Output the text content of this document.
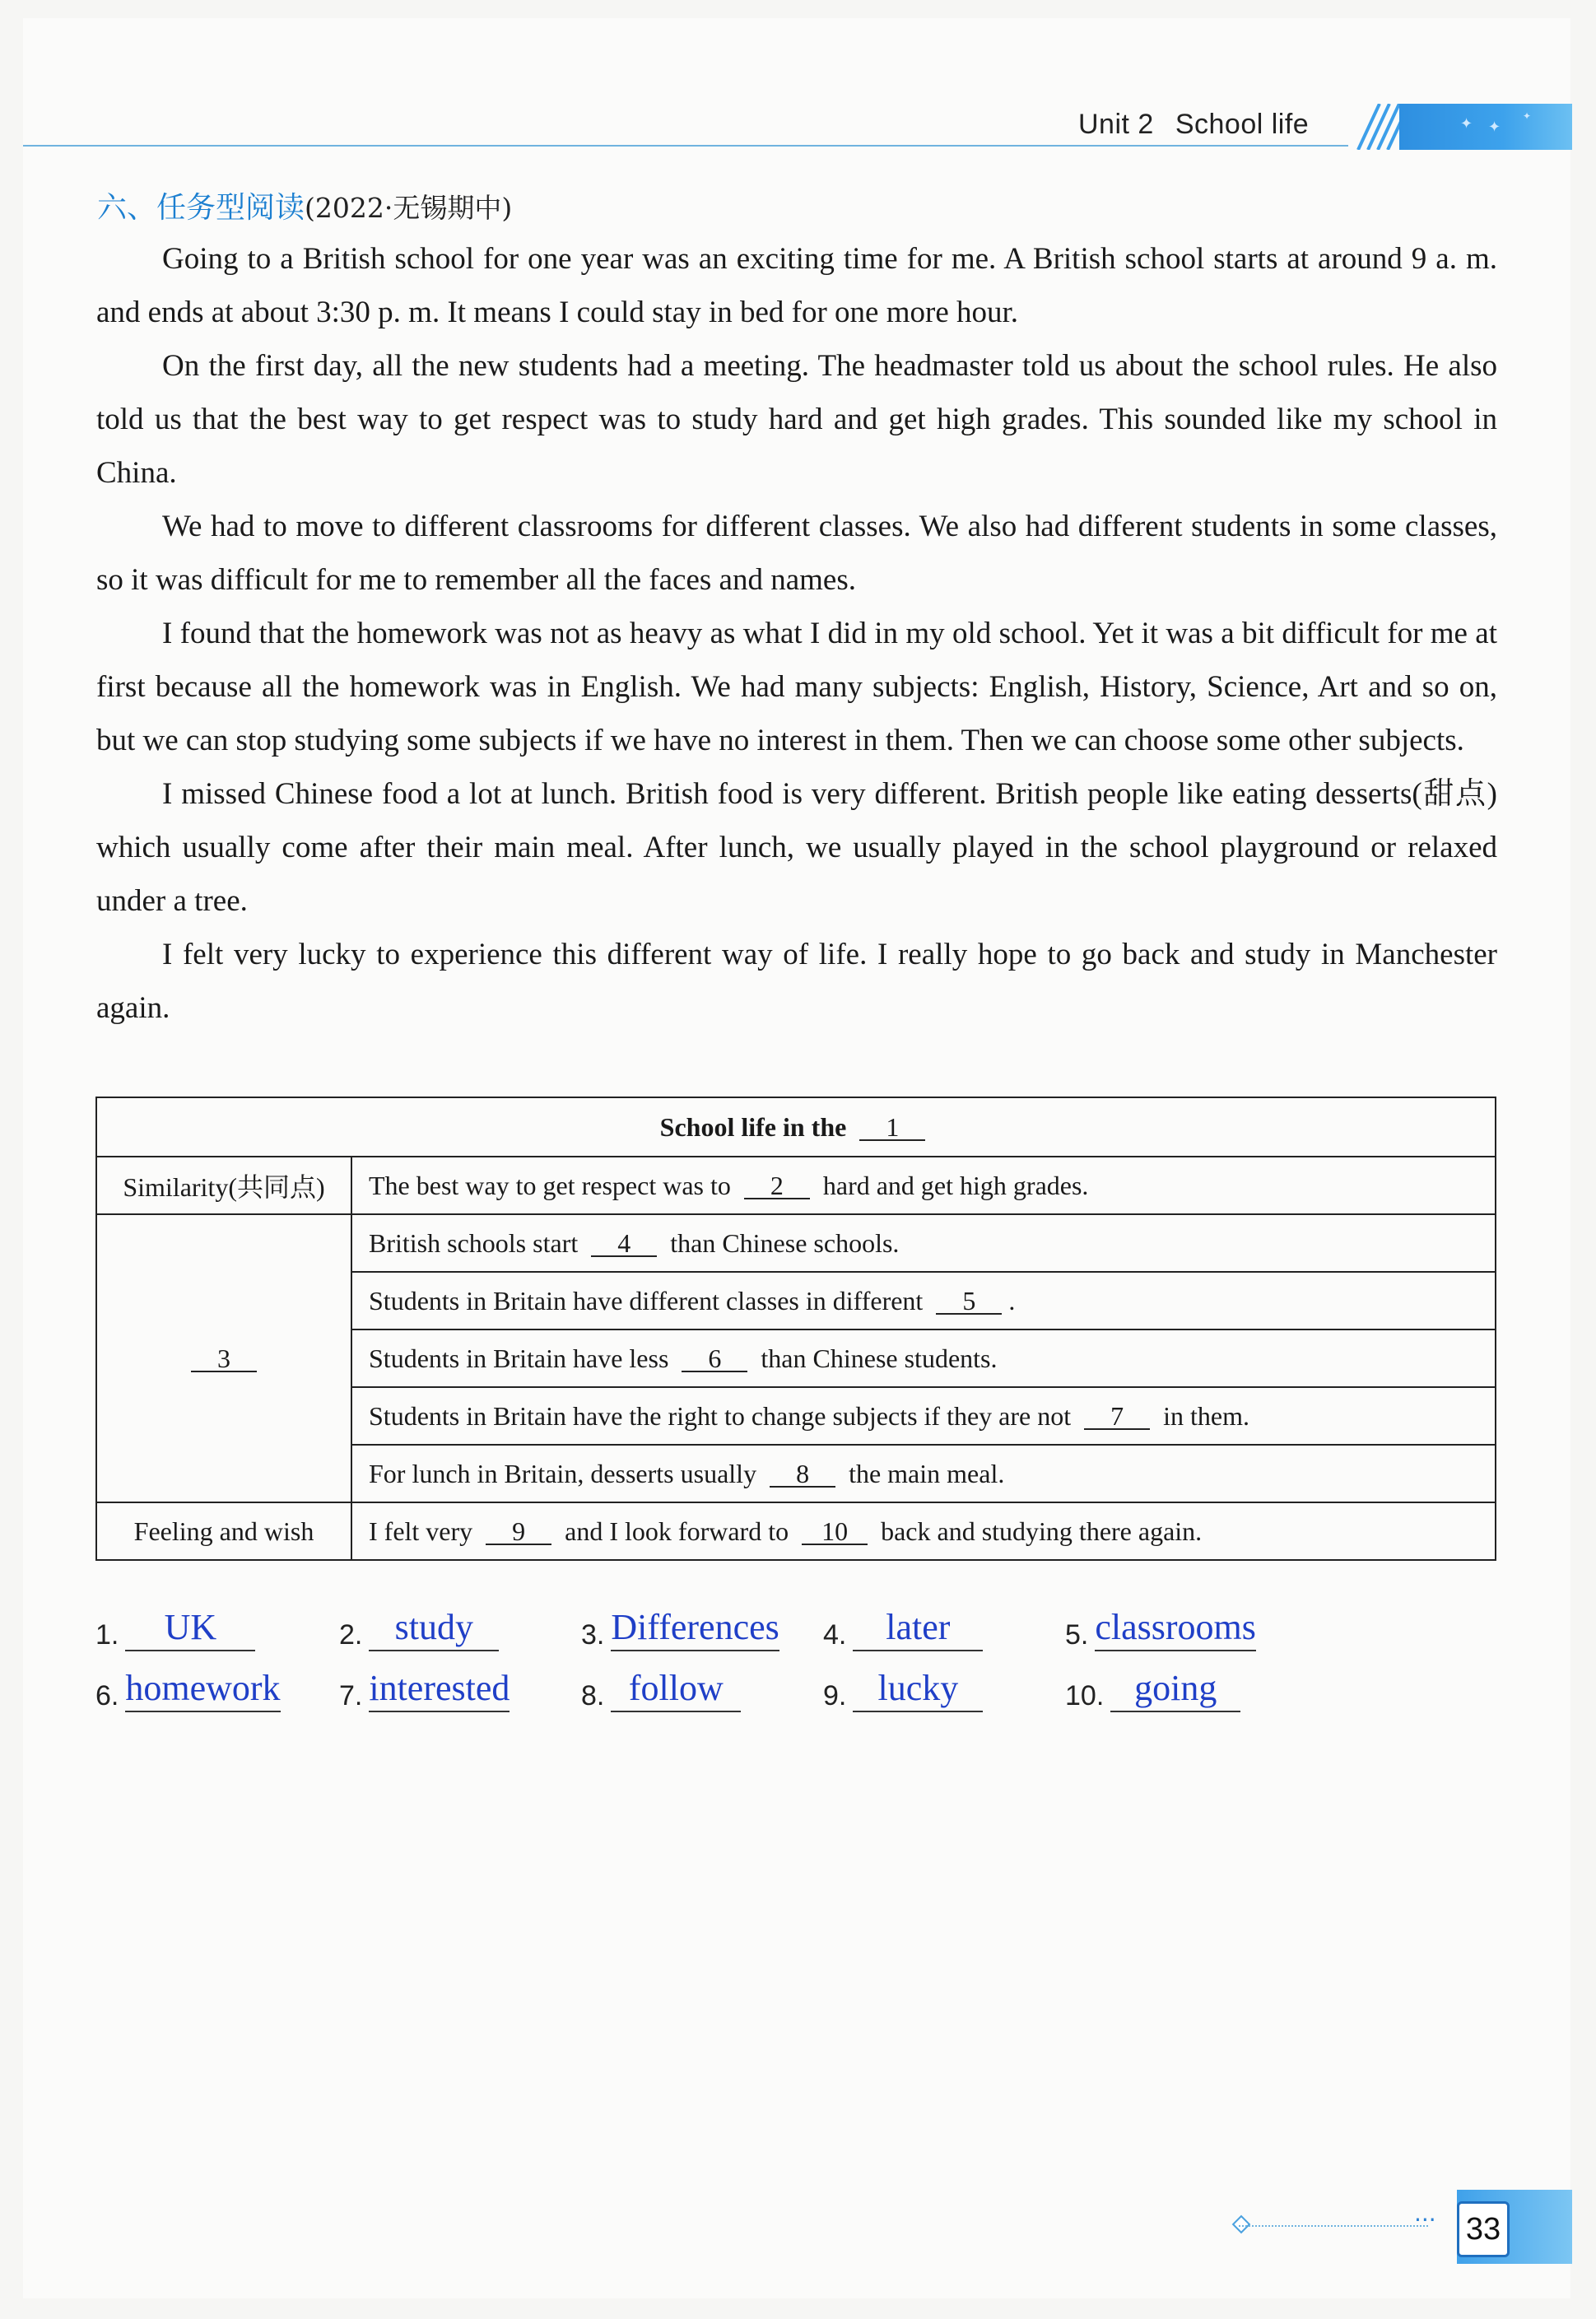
Unit 2 School life	✦ ✦
✦
六、任务型阅读(2022·无锡期中)

Going to a British school for one year was an exciting time for me. A British school starts at around 9 a. m. and ends at about 3:30 p. m. It means I could stay in bed for one more hour.

On the first day, all the new students had a meeting. The headmaster told us about the school rules. He also told us that the best way to get respect was to study hard and get high grades. This sounded like my school in China.

We had to move to different classrooms for different classes. We also had different students in some classes, so it was difficult for me to remember all the faces and names.

I found that the homework was not as heavy as what I did in my old school. Yet it was a bit difficult for me at first because all the homework was in English. We had many subjects: English, History, Science, Art and so on, but we can stop studying some subjects if we have no interest in them. Then we can choose some other subjects.

I missed Chinese food a lot at lunch. British food is very different. British people like eating desserts(甜点) which usually come after their main meal. After lunch, we usually played in the school playground or relaxed under a tree.

I felt very lucky to experience this different way of life. I really hope to go back and study in Manchester again.

School life in the 1	
Similarity(共同点)	The best way to get respect was to 2 hard and get high grades.
3	British schools start 4 than Chinese schools.
	Students in Britain have different classes in different 5 .
	Students in Britain have less 6 than Chinese students.
	Students in Britain have the right to change subjects if they are not 7 in them.
	For lunch in Britain, desserts usually 8 the main meal.
Feeling and wish	I felt very 9 and I look forward to 10 back and studying there again.
1. UK	2. study	3. Differences 4. later	5. classrooms
6. homework 7. interested	8. follow	9. lucky	10. going
··· 33
